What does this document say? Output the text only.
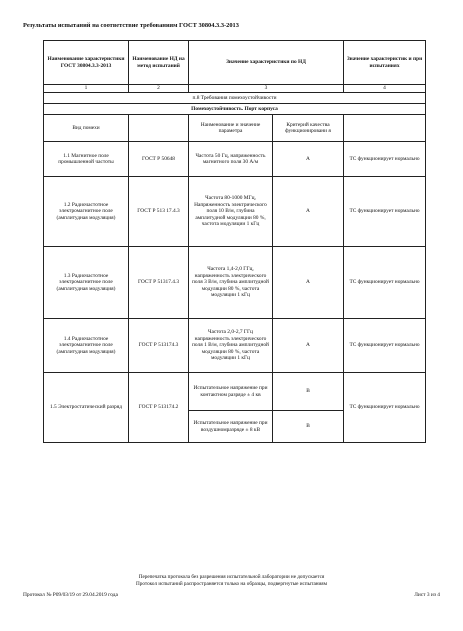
Результаты испытаний на соответствие требованиям ГОСТ 30804.3.3-2013
Наименование характеристики ГОСТ 30804.3.3-2013	Наименование НД на метод испытаний	Значение характеристики по НД		Значение характеристик и при испытаниях
1	2	3		4
п.8 Требования помехоустойчивости				
Помехоустойчивость. Порт корпуса				
Вид помехи		Наименование и значение параметра	Критерий качества функционировани я	
1.1 Магнитное поле промышленной частоты	ГОСТ Р 50648	Частота 50 Гц, напряженность магнитного поля 30 А/м	А	ТС функционирует нормально
1.2 Радиочастотное электромагнитное поле (амплитудная модуляция)	ГОСТ Р 513 17.4.3	Частота 80-1000 МГц, Напряженность электрического поля 10 В/м, глубина амплитудной модуляции 80 %, частота модуляции 1 кГц	А	ТС функционирует нормально
1.3 Радиочастотное электромагнитное поле (амплитудная модуляция)	ГОСТ Р 51317.4.3	Частота 1,4-2,0 ГГц, напряженность электрического поля 3 В/м, глубина амплитудной модуляции 80 %, частота модуляции 1 кГц	А	ТС функционирует нормально
1.4 Радиочастотное электромагнитное поле (амплитудная модуляция)	ГОСТ Р 513174.3	Частота 2,0-2,7 ГГц напряженность электрического поля 1 В/м, глубина амплитудной модуляции 80 %, частота модуляции 1 кГц	А	ТС функционирует нормально
1.5 Электростатический разряд	ГОСТ Р 513174.2	Испытательное напряжение при контактном разряде ± 4 кв	В	ТС функционирует нормально
		Испытательное напряжение при воздушномразряде ± 8 кВ	В	
Перепечатка протокола без разрешения испытательной лаборатории не допускается
Протокол испытаний распространяется только на образцы, подвергнутые испытаниям
Протокол № Р09/03/19 от 29.04.2019 года	Лист 3 из 4
